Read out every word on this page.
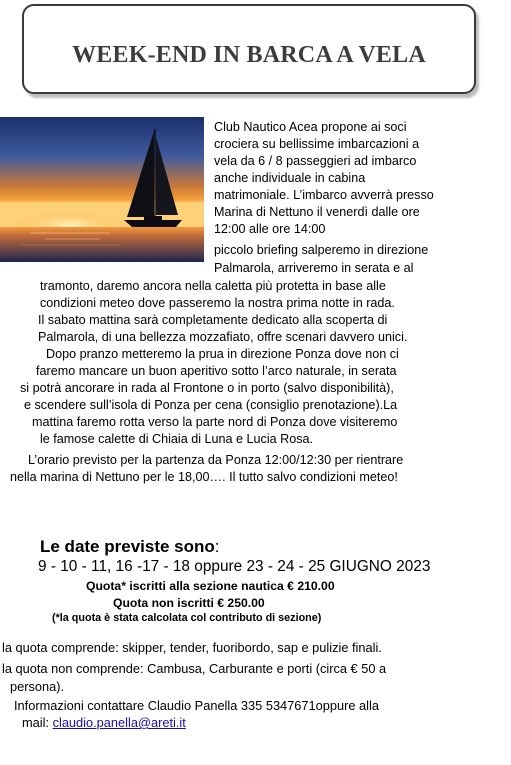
WEEK-END IN BARCA A VELA
Club Nautico Acea propone ai soci
crociera su bellissime imbarcazioni a
vela da 6 / 8 passeggieri ad imbarco
anche individuale in cabina
matrimoniale. L’imbarco avverrà presso
Marina di Nettuno il venerdì dalle ore
12:00 alle ore 14:00
piccolo briefing salperemo in direzione
Palmarola, arriveremo in serata e al
tramonto, daremo ancora nella caletta più protetta in base alle
condizioni meteo dove passeremo la nostra prima notte in rada.
Il sabato mattina sarà completamente dedicato alla scoperta di
Palmarola, di una bellezza mozzafiato, offre scenari davvero unici.
Dopo pranzo metteremo la prua in direzione Ponza dove non ci
faremo mancare un buon aperitivo sotto l’arco naturale, in serata
si potrà ancorare in rada al Frontone o in porto (salvo disponibilità),
e scendere sull’isola di Ponza per cena (consiglio prenotazione).La
mattina faremo rotta verso la parte nord di Ponza dove visiteremo
le famose calette di Chiaia di Luna e Lucia Rosa.
L’orario previsto per la partenza da Ponza 12:00/12:30 per rientrare
nella marina di Nettuno per le 18,00…. Il tutto salvo condizioni meteo!
Le date previste sono:
9 - 10 - 11, 16 -17 - 18 oppure 23 - 24 - 25 GIUGNO 2023
Quota* iscritti alla sezione nautica € 210.00
Quota non iscritti € 250.00
(*la quota è stata calcolata col contributo di sezione)
la quota comprende: skipper, tender, fuoribordo, sap e pulizie finali.
la quota non comprende: Cambusa, Carburante e porti (circa € 50 a
persona).
Informazioni contattare Claudio Panella 335 5347671oppure alla
mail: claudio.panella@areti.it
